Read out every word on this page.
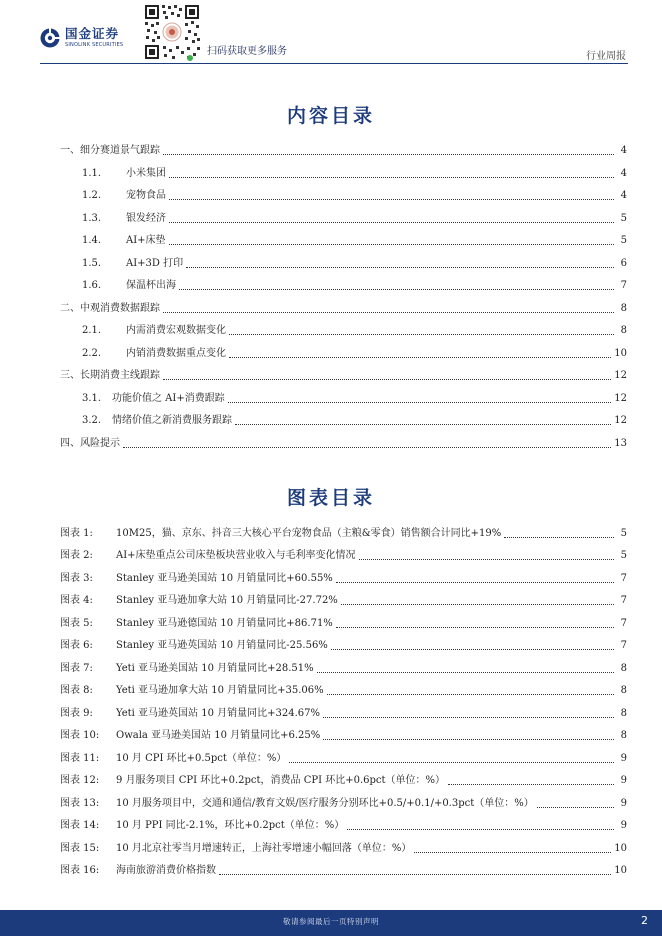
国金证券
SINOLINK SECURITIES
扫码获取更多服务	行业周报
内容目录
一、 细分赛道景气跟踪	4
1.1.	小米集团	4
1.2.	宠物食品	4
1.3.	银发经济	5
1.4.	AI+床垫	5
1.5.	AI+3D 打印	6
1.6.	保温杯出海	7
二、 中观消费数据跟踪	8
2.1.	内需消费宏观数据变化	8
2.2.	内销消费数据重点变化	10
三、 长期消费主线跟踪	12
3.1.	功能价值之 AI+消费跟踪	12
3.2.	情绪价值之新消费服务跟踪	12
四、 风险提示	13
图表目录
图表 1:	10M25，猫、京东、抖音三大核心平台宠物食品（主粮&零食）销售额合计同比+19%	5
图表 2:	AI+床垫重点公司床垫板块营业收入与毛利率变化情况	5
图表 3:	Stanley 亚马逊美国站 10 月销量同比+60.55%	7
图表 4:	Stanley 亚马逊加拿大站 10 月销量同比-27.72%	7
图表 5:	Stanley 亚马逊德国站 10 月销量同比+86.71%	7
图表 6:	Stanley 亚马逊英国站 10 月销量同比-25.56%	7
图表 7:	Yeti 亚马逊美国站 10 月销量同比+28.51%	8
图表 8:	Yeti 亚马逊加拿大站 10 月销量同比+35.06%	8
图表 9:	Yeti 亚马逊英国站 10 月销量同比+324.67%	8
图表 10:	Owala 亚马逊美国站 10 月销量同比+6.25%	8
图表 11:	10 月 CPI 环比+0.5pct（单位：%）	9
图表 12:	9 月服务项目 CPI 环比+0.2pct，消费品 CPI 环比+0.6pct（单位：%）	9
图表 13:	10 月服务项目中，交通和通信/教育文娱/医疗服务分别环比+0.5/+0.1/+0.3pct（单位：%）	9
图表 14:	10 月 PPI 同比-2.1%，环比+0.2pct（单位：%）	9
图表 15:	10 月北京社零当月增速转正，上海社零增速小幅回落（单位：%）	10
图表 16:	海南旅游消费价格指数	10
敬请参阅最后一页特别声明	2
